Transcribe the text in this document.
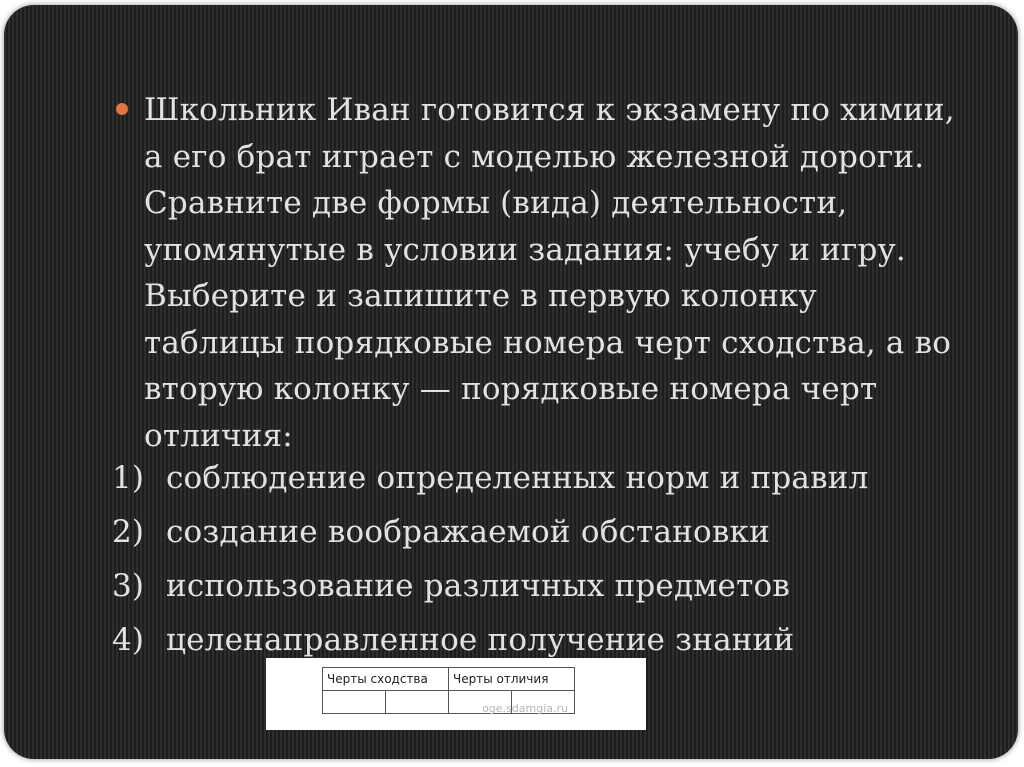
Школьник Иван готовится к экзамену по химии, а его брат играет с моделью железной дороги. Сравните две формы (вида) деятельности, упомянутые в условии задания: учебу и игру. Выберите и запишите в первую колонку таблицы порядковые номера черт сходства, а во вторую колонку — порядковые номера черт отличия:
1) соблюдение определенных норм и правил
2) создание воображаемой обстановки
3) использование различных предметов
4) целенаправленное получение знаний
Черты сходства		Черты отличия	

oge.sdamgia.ru
